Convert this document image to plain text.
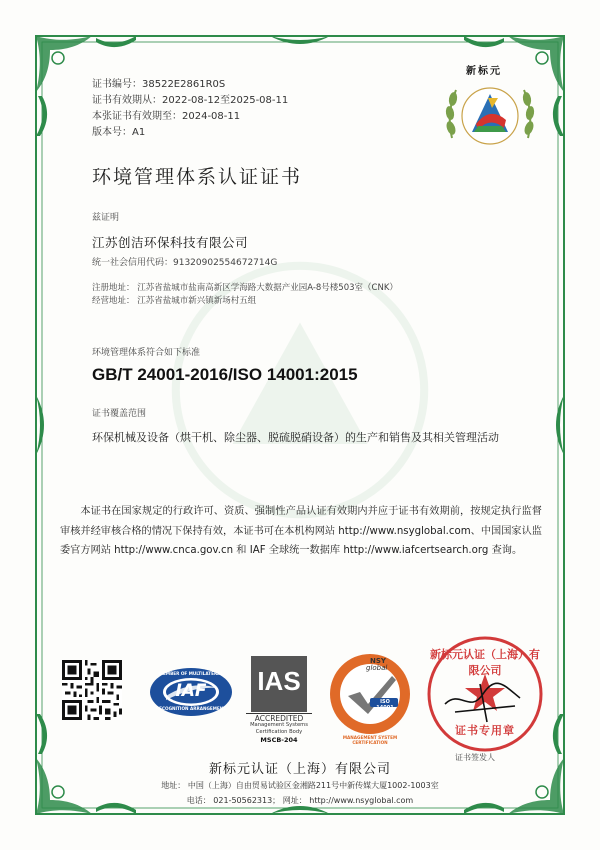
新标元
证书编号：38522E2861R0S
证书有效期从：2022-08-12至2025-08-11
本张证书有效期至：2024-08-11
版本号：A1
环境管理体系认证证书
兹证明
江苏创洁环保科技有限公司
统一社会信用代码：91320902554672714G
注册地址： 江苏省盐城市盐南高新区学海路大数据产业园A-8号楼503室（CNK）
经营地址： 江苏省盐城市新兴镇新场村五组
环境管理体系符合如下标准
GB/T 24001-2016/ISO 14001:2015
证书覆盖范围
环保机械及设备（烘干机、除尘器、脱硫脱硝设备）的生产和销售及其相关管理活动
本证书在国家规定的行政许可、资质、强制性产品认证有效期内并应于证书有效期前，按规定执行监督审核并经审核合格的情况下保持有效，本证书可在本机构网站 http://www.nsyglobal.com、中国国家认监委官方网站 http://www.cnca.gov.cn 和 IAF 全球统一数据库 http://www.iafcertsearch.org 查询。
MEMBER OF MULTILATERAL
RECOGNITION ARRANGEMENT
IAF	IAS
ACCREDITED
Management Systems
Certification Body
MSCB-204
NSY
global
ISO 14001
MANAGEMENT SYSTEM CERTIFICATION
新标元认证（上海）有限公司
证书专用章
证书签发人
新标元认证（上海）有限公司
地址： 中国（上海）自由贸易试验区金湘路211号中新传媒大厦1002-1003室
电话： 021-50562313； 网址： http://www.nsyglobal.com
